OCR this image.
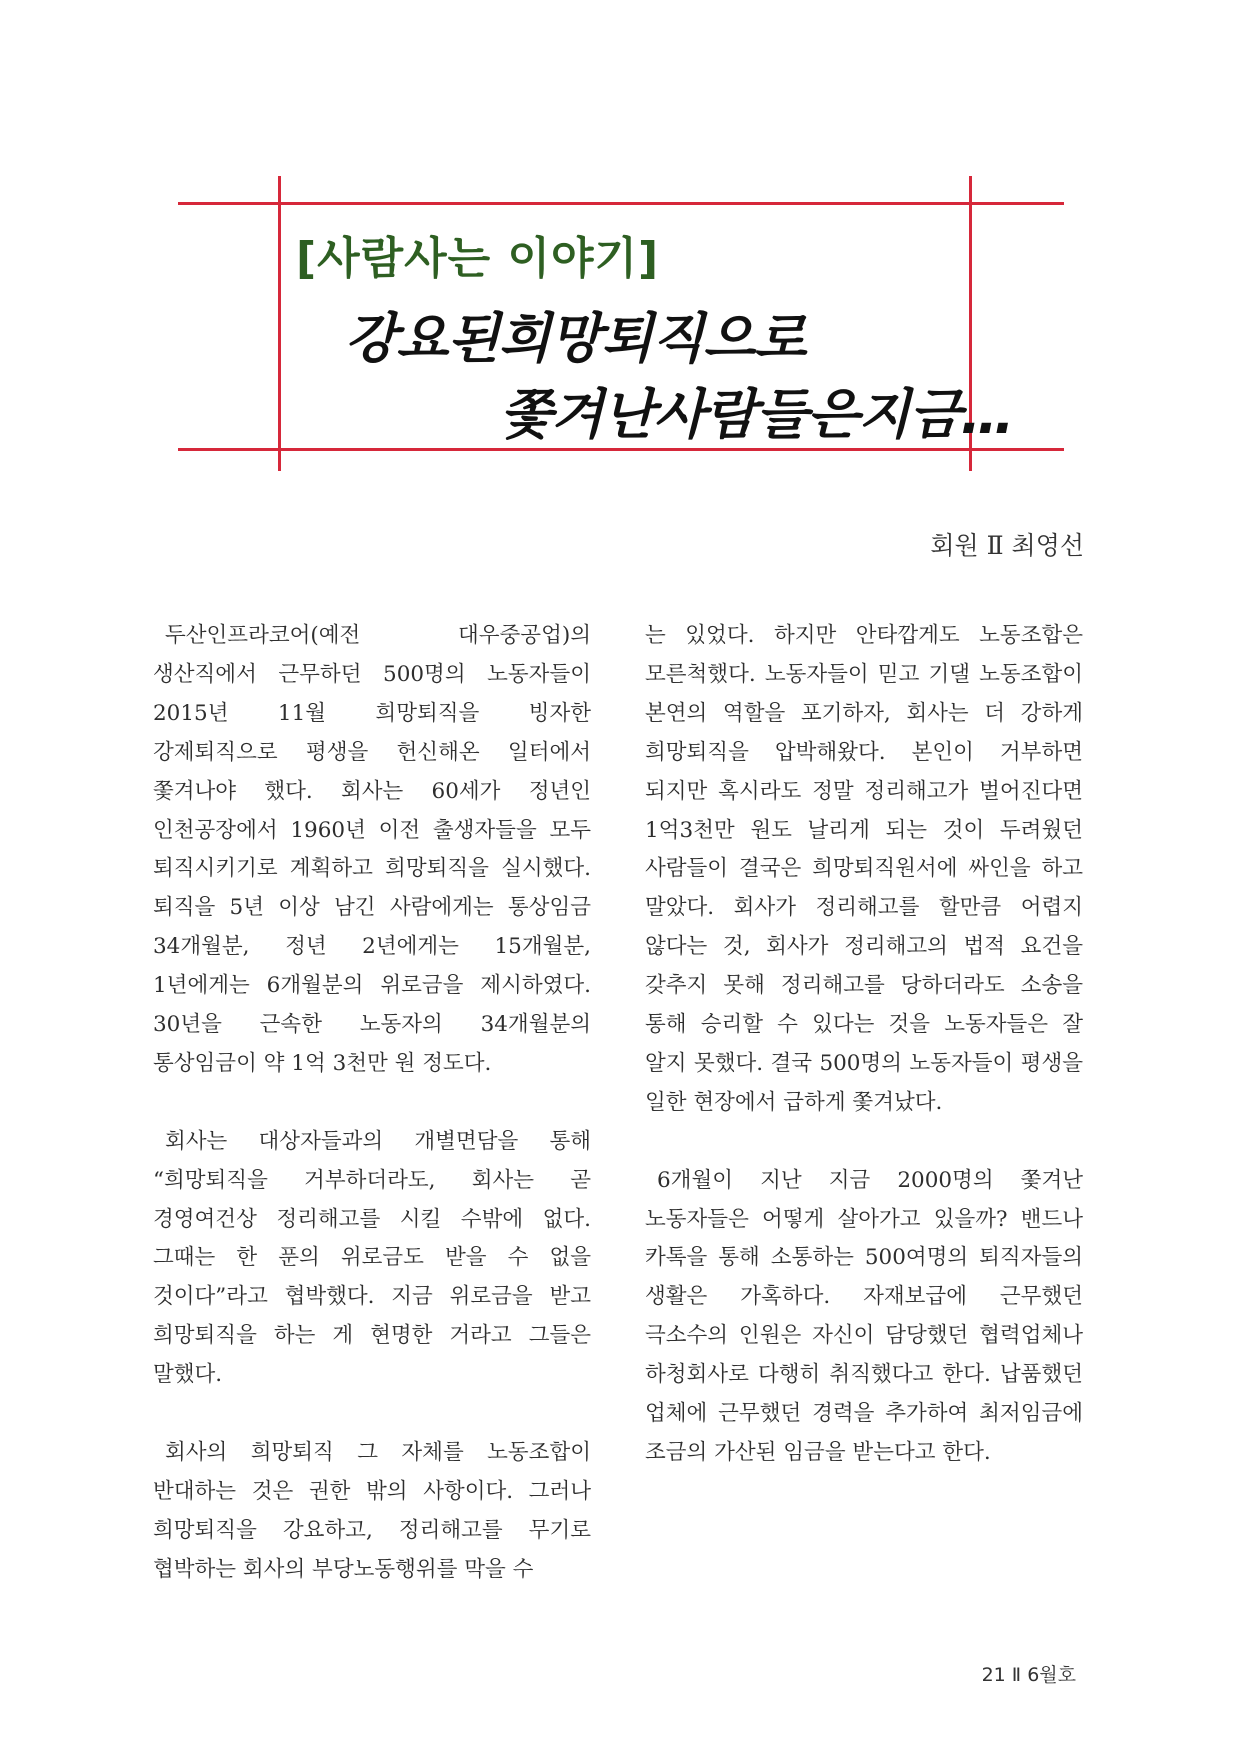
[사람사는 이야기]
강요된희망퇴직으로
쫓겨난사람들은지금…
회원 Ⅱ 최영선

두산인프라코어(예전 대우중공업)의 생산직에서 근무하던 500명의 노동자들이 2015년 11월 희망퇴직을 빙자한 강제퇴직으로 평생을 헌신해온 일터에서 쫓겨나야 했다. 회사는 60세가 정년인 인천공장에서 1960년 이전 출생자들을 모두 퇴직시키기로 계획하고 희망퇴직을 실시했다. 퇴직을 5년 이상 남긴 사람에게는 통상임금 34개월분, 정년 2년에게는 15개월분, 1년에게는 6개월분의 위로금을 제시하였다. 30년을 근속한 노동자의 34개월분의 통상임금이 약 1억 3천만 원 정도다.

회사는 대상자들과의 개별면담을 통해 “희망퇴직을 거부하더라도, 회사는 곧 경영여건상 정리해고를 시킬 수밖에 없다. 그때는 한 푼의 위로금도 받을 수 없을 것이다”라고 협박했다. 지금 위로금을 받고 희망퇴직을 하는 게 현명한 거라고 그들은 말했다.

회사의 희망퇴직 그 자체를 노동조합이 반대하는 것은 권한 밖의 사항이다. 그러나 희망퇴직을 강요하고, 정리해고를 무기로 협박하는 회사의 부당노동행위를 막을 수

는 있었다. 하지만 안타깝게도 노동조합은 모른척했다. 노동자들이 믿고 기댈 노동조합이 본연의 역할을 포기하자, 회사는 더 강하게 희망퇴직을 압박해왔다. 본인이 거부하면 되지만 혹시라도 정말 정리해고가 벌어진다면 1억3천만 원도 날리게 되는 것이 두려웠던 사람들이 결국은 희망퇴직원서에 싸인을 하고 말았다. 회사가 정리해고를 할만큼 어렵지 않다는 것, 회사가 정리해고의 법적 요건을 갖추지 못해 정리해고를 당하더라도 소송을 통해 승리할 수 있다는 것을 노동자들은 잘 알지 못했다. 결국 500명의 노동자들이 평생을 일한 현장에서 급하게 쫓겨났다.

6개월이 지난 지금 2000명의 쫓겨난 노동자들은 어떻게 살아가고 있을까? 밴드나 카톡을 통해 소통하는 500여명의 퇴직자들의 생활은 가혹하다. 자재보급에 근무했던 극소수의 인원은 자신이 담당했던 협력업체나 하청회사로 다행히 취직했다고 한다. 납품했던 업체에 근무했던 경력을 추가하여 최저임금에 조금의 가산된 임금을 받는다고 한다.

21 Ⅱ 6월호
